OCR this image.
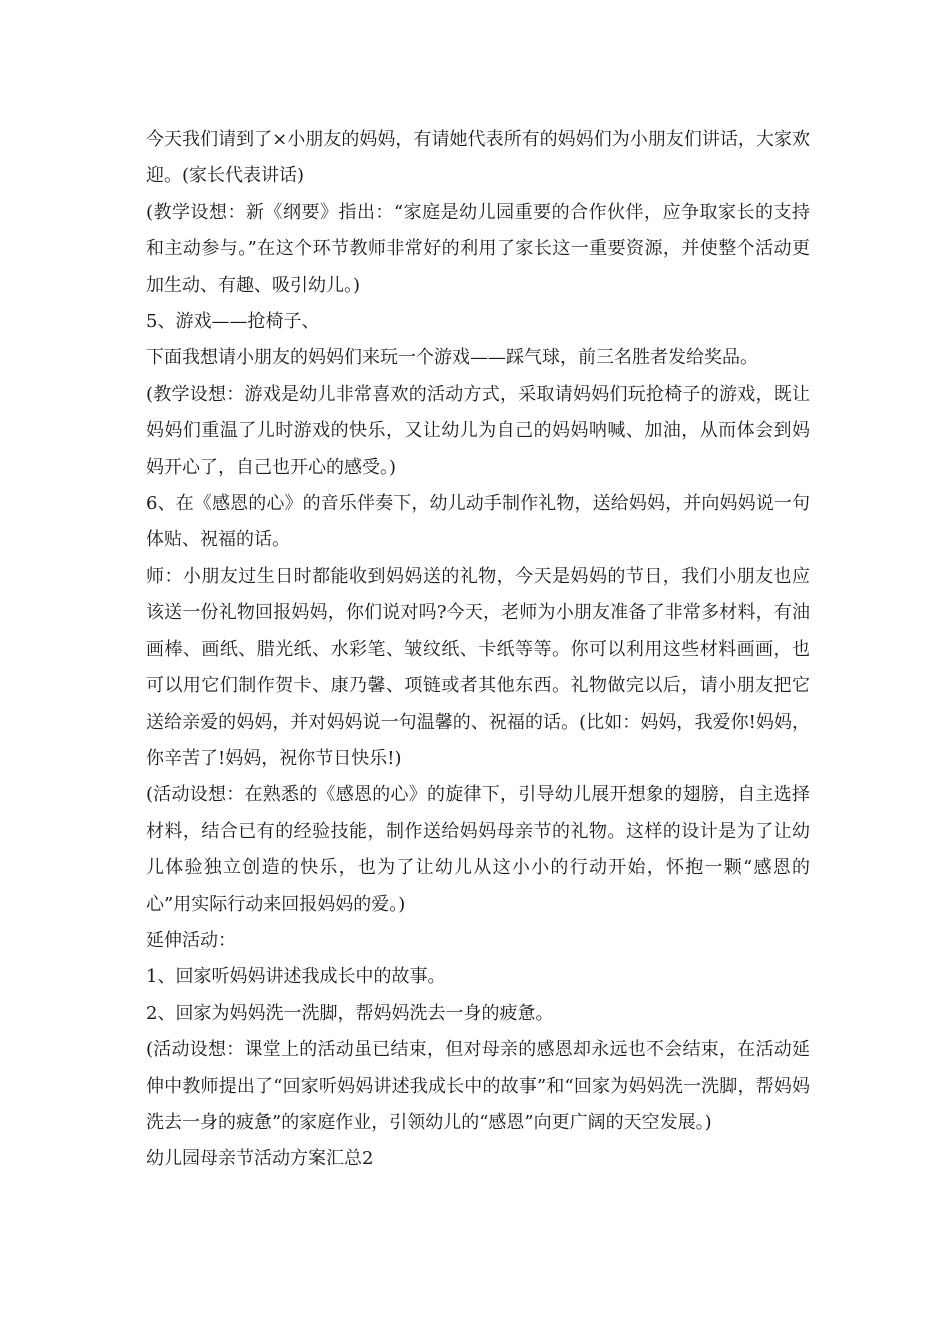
今天我们请到了×小朋友的妈妈，有请她代表所有的妈妈们为小朋友们讲话，大家欢迎。(家长代表讲话)

(教学设想：新《纲要》指出：“家庭是幼儿园重要的合作伙伴，应争取家长的支持和主动参与。”在这个环节教师非常好的利用了家长这一重要资源，并使整个活动更加生动、有趣、吸引幼儿。)

5、游戏——抢椅子、

下面我想请小朋友的妈妈们来玩一个游戏——踩气球，前三名胜者发给奖品。

(教学设想：游戏是幼儿非常喜欢的活动方式，采取请妈妈们玩抢椅子的游戏，既让妈妈们重温了儿时游戏的快乐，又让幼儿为自己的妈妈呐喊、加油，从而体会到妈妈开心了，自己也开心的感受。)

6、在《感恩的心》的音乐伴奏下，幼儿动手制作礼物，送给妈妈，并向妈妈说一句体贴、祝福的话。

师：小朋友过生日时都能收到妈妈送的礼物，今天是妈妈的节日，我们小朋友也应该送一份礼物回报妈妈，你们说对吗?今天，老师为小朋友准备了非常多材料，有油画棒、画纸、腊光纸、水彩笔、皱纹纸、卡纸等等。你可以利用这些材料画画，也可以用它们制作贺卡、康乃馨、项链或者其他东西。礼物做完以后，请小朋友把它送给亲爱的妈妈，并对妈妈说一句温馨的、祝福的话。(比如：妈妈，我爱你!妈妈，你辛苦了!妈妈，祝你节日快乐!)

(活动设想：在熟悉的《感恩的心》的旋律下，引导幼儿展开想象的翅膀，自主选择材料，结合已有的经验技能，制作送给妈妈母亲节的礼物。这样的设计是为了让幼儿体验独立创造的快乐，也为了让幼儿从这小小的行动开始，怀抱一颗“感恩的心”用实际行动来回报妈妈的爱。)

延伸活动：

1、回家听妈妈讲述我成长中的故事。

2、回家为妈妈洗一洗脚，帮妈妈洗去一身的疲惫。

(活动设想：课堂上的活动虽已结束，但对母亲的感恩却永远也不会结束，在活动延伸中教师提出了“回家听妈妈讲述我成长中的故事”和“回家为妈妈洗一洗脚，帮妈妈洗去一身的疲惫”的家庭作业，引领幼儿的“感恩”向更广阔的天空发展。)

幼儿园母亲节活动方案汇总2
